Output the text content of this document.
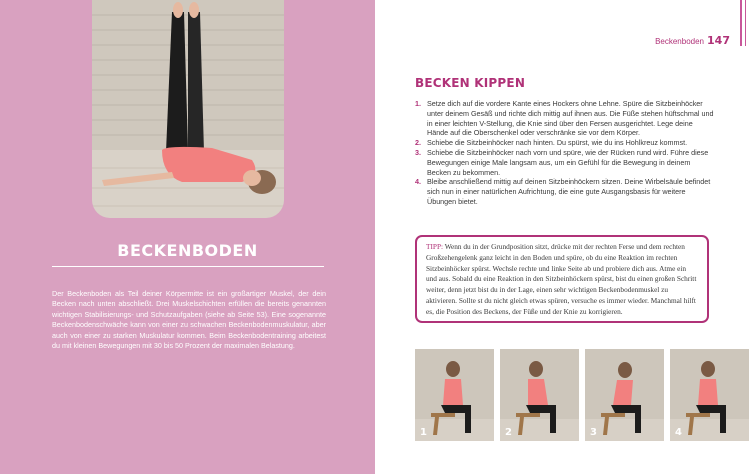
BECKENBODEN

Der Beckenboden als Teil deiner Körpermitte ist ein großartiger Muskel, der dein Becken nach unten abschließt. Drei Muskelschichten erfüllen die bereits genannten wichtigen Stabilisierungs- und Schutzaufgaben (siehe ab Seite 53). Eine sogenannte Beckenbodenschwäche kann von einer zu schwachen Beckenbodenmuskulatur, aber auch von einer zu starken Muskulatur kommen. Beim Beckenbodentraining arbeitest du mit kleinen Bewegungen mit 30 bis 50 Prozent der maximalen Belastung.

Beckenboden 147
BECKEN KIPPEN
1. Setze dich auf die vordere Kante eines Hockers ohne Lehne. Spüre die Sitzbeinhöcker unter deinem Gesäß und richte dich mittig auf ihnen aus. Die Füße stehen hüftschmal und in einer leichten V-Stellung, die Knie sind über den Fersen ausgerichtet. Lege deine Hände auf die Oberschenkel oder verschränke sie vor dem Körper.
2. Schiebe die Sitzbeinhöcker nach hinten. Du spürst, wie du ins Hohlkreuz kommst.
3. Schiebe die Sitzbeinhöcker nach vorn und spüre, wie der Rücken rund wird. Führe diese Bewegungen einige Male langsam aus, um ein Gefühl für die Bewegung in deinem Becken zu bekommen.
4. Bleibe anschließend mittig auf deinen Sitzbeinhöckern sitzen. Deine Wirbelsäule befindet sich nun in einer natürlichen Aufrichtung, die eine gute Ausgangsbasis für weitere Übungen bietet.

TIPP: Wenn du in der Grundposition sitzt, drücke mit der rechten Ferse und dem rechten Großzehengelenk ganz leicht in den Boden und spüre, ob du eine Reaktion im rechten Sitzbeinhöcker spürst. Wechsle rechte und linke Seite ab und probiere dich aus. Atme ein und aus. Sobald du eine Reaktion in den Sitzbeinhöckern spürst, bist du einen großen Schritt weiter, denn jetzt bist du in der Lage, einen sehr wichtigen Beckenbodenmuskel zu aktivieren. Sollte st du nicht gleich etwas spüren, versuche es immer wieder. Manchmal hilft es, die Position des Beckens, der Füße und der Knie zu korrigieren.

1	2	3	4
